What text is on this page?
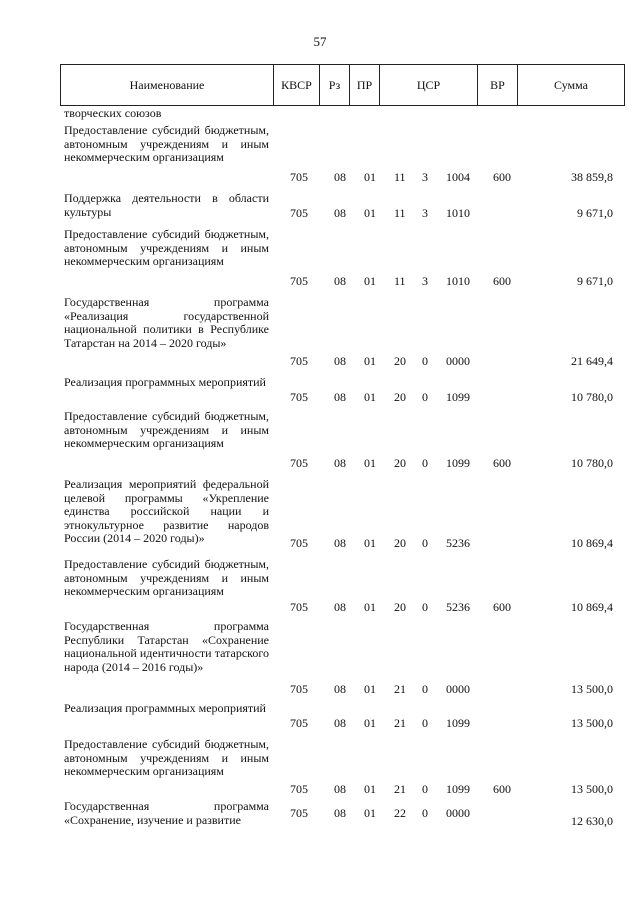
57
Наименование	КВСР	Рз	ПР	ЦСР	ВР	Сумма
творческих союзов
Предоставление субсидий бюджетным, автономным учреждениям и иным некоммерческим организациям
705 08 01 11 3 1004 600	38 859,8
Поддержка деятельности в области культуры	705 08 01 11 3 1010	9 671,0
Предоставление субсидий бюджетным, автономным учреждениям и иным некоммерческим организациям
705 08 01 11 3 1010 600	9 671,0
Государственная программа «Реализация государственной национальной политики в Республике Татарстан на 2014 – 2020 годы»
705 08 01 20 0 0000	21 649,4
Реализация программных мероприятий
705 08 01 20 0 1099	10 780,0
Предоставление субсидий бюджетным, автономным учреждениям и иным некоммерческим организациям
705 08 01 20 0 1099 600	10 780,0
Реализация мероприятий федеральной целевой программы «Укрепление единства российской нации и этнокультурное развитие народов России (2014 – 2020 годы)»	705 08 01 20 0 5236	10 869,4
Предоставление субсидий бюджетным, автономным учреждениям и иным некоммерческим организациям
705 08 01 20 0 5236 600	10 869,4
Государственная программа Республики Татарстан «Сохранение национальной идентичности татарского народа (2014 – 2016 годы)»
705 08 01 21 0 0000	13 500,0
Реализация программных мероприятий
705 08 01 21 0 1099	13 500,0
Предоставление субсидий бюджетным, автономным учреждениям и иным некоммерческим организациям
705 08 01 21 0 1099 600	13 500,0
Государственная программа «Сохранение, изучение и развитие	705 08 01 22 0 0000
12 630,0
